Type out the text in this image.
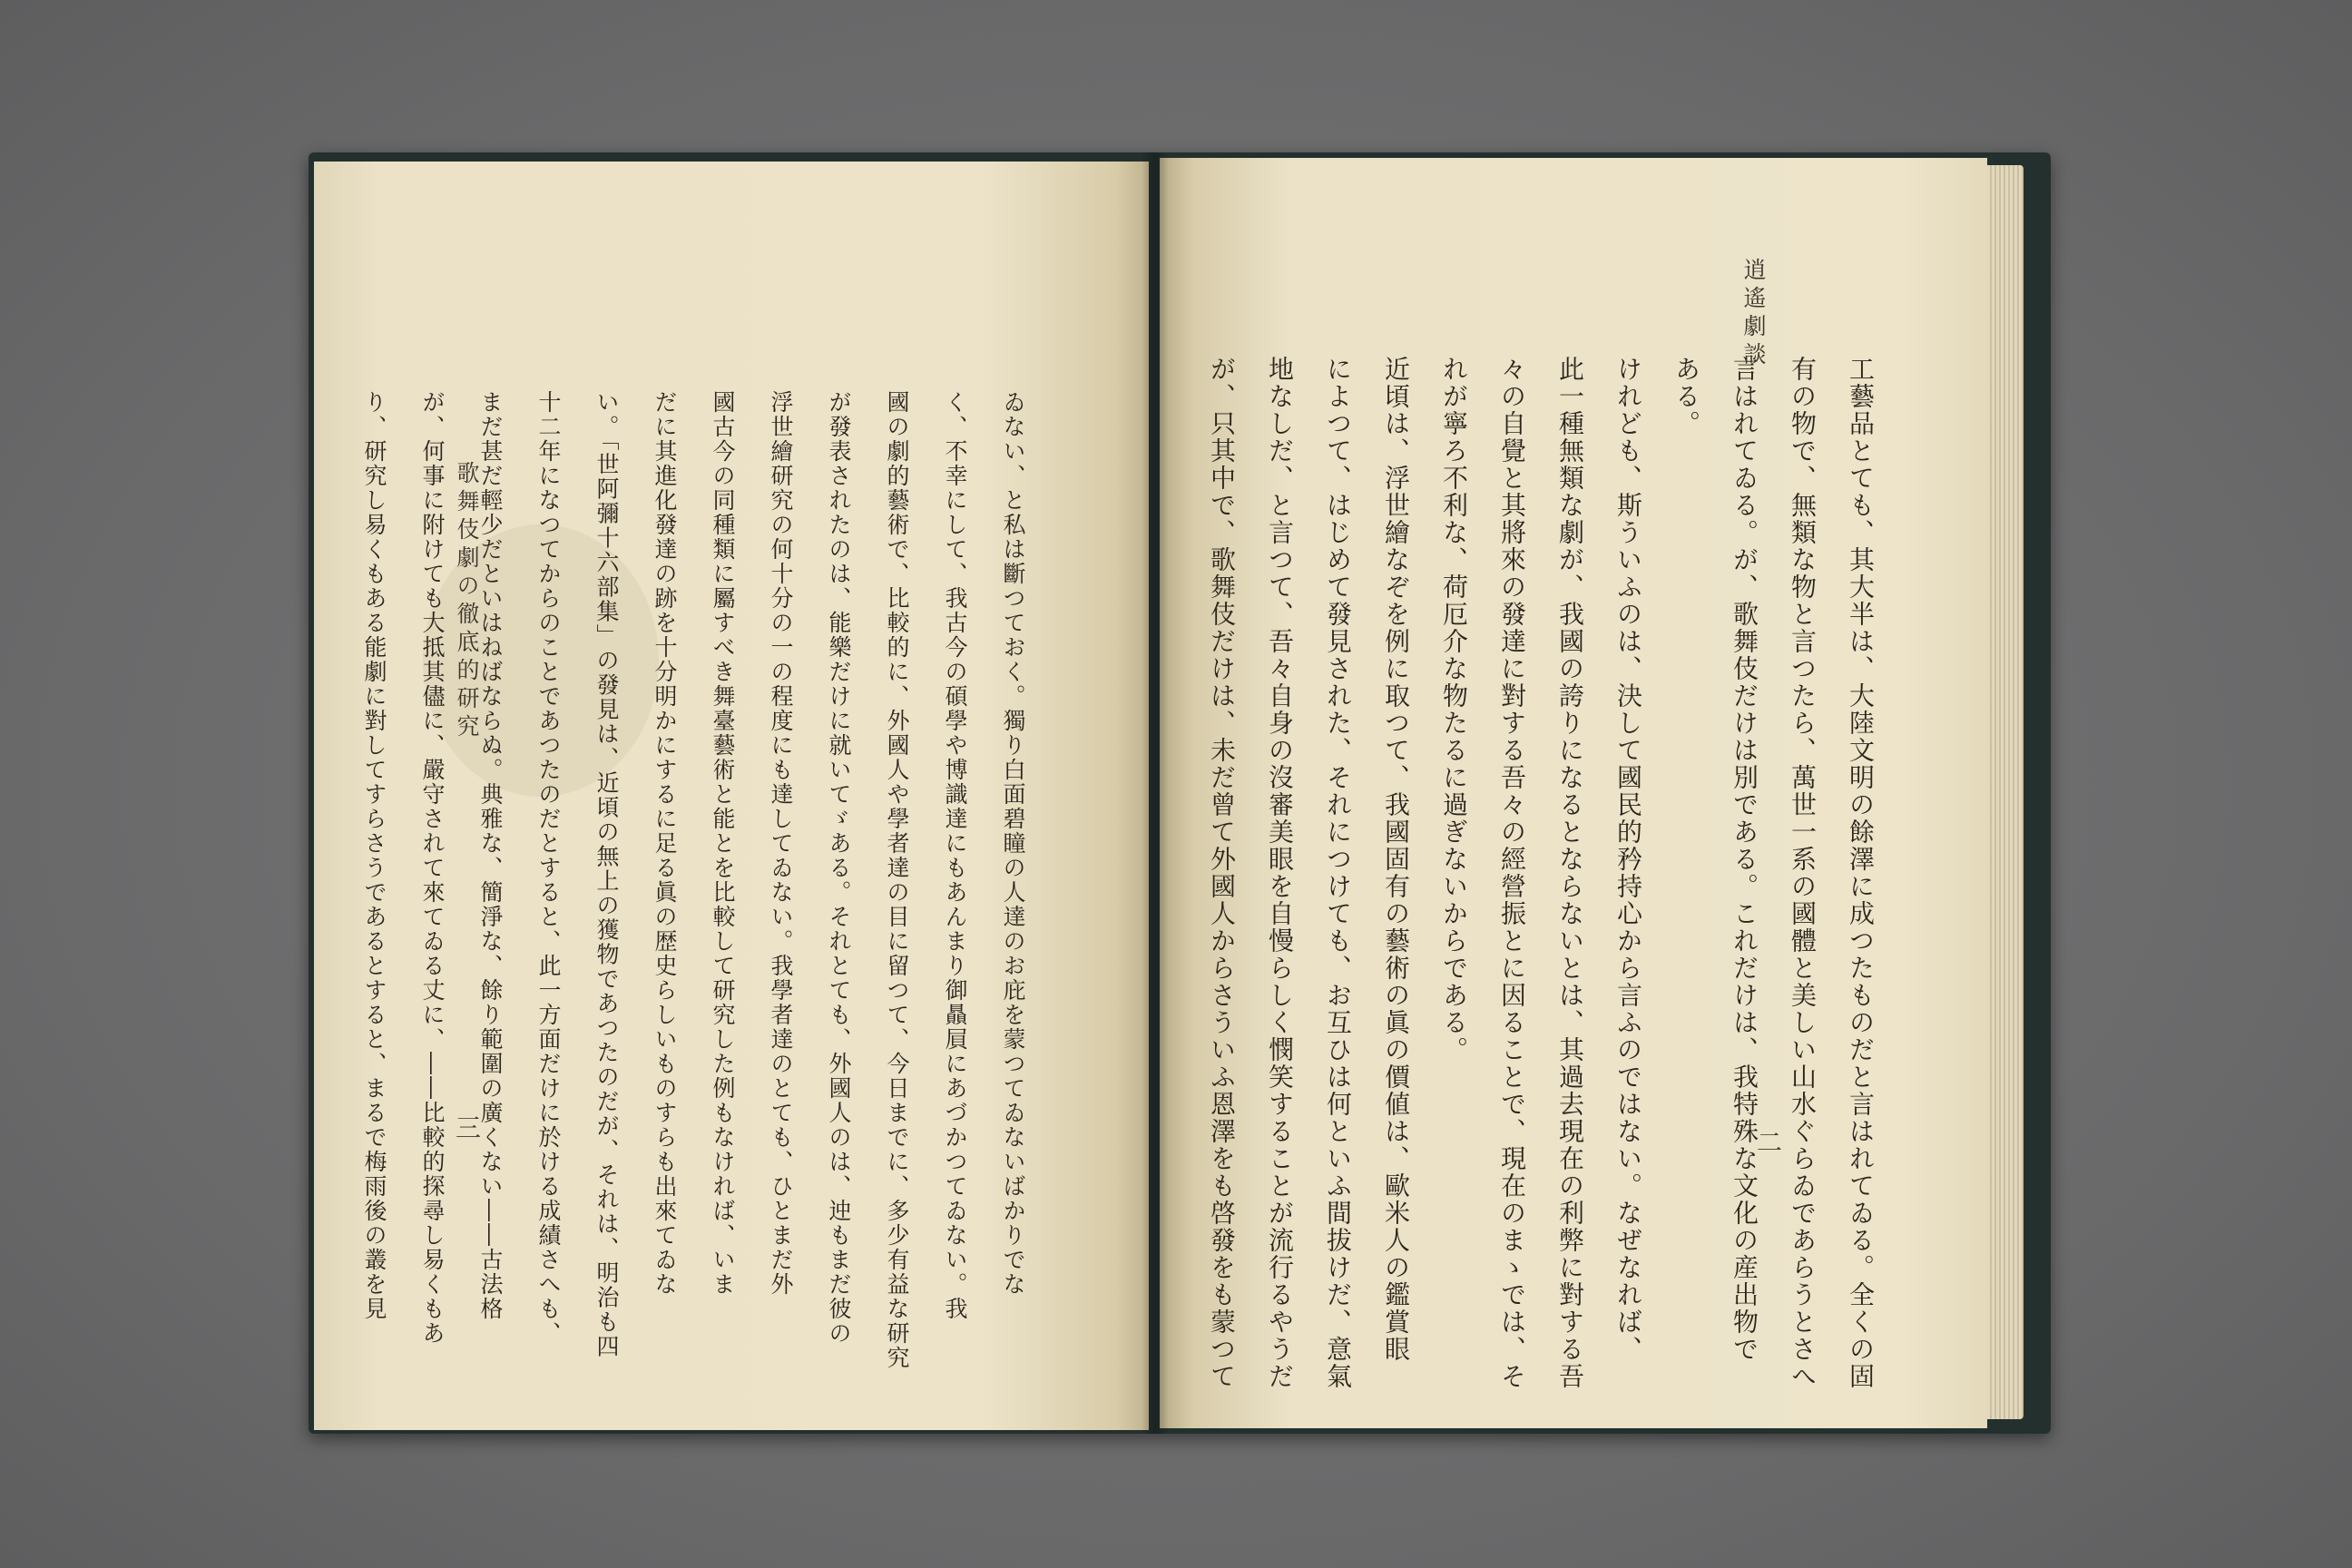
ゐない、と私は斷つておく。獨り白面碧瞳の人達のお庇を蒙つてゐないばかりでな
く、不幸にして、我古今の碩學や博識達にもあんまり御贔屓にあづかつてゐない。我
國の劇的藝術で、比較的に、外國人や學者達の目に留つて、今日までに、多少有益な研究
が發表されたのは、能樂だけに就いてゞある。それとても、外國人のは、迚もまだ彼の
浮世繪研究の何十分の一の程度にも達してゐない。我學者達のとても、ひとまだ外
國古今の同種類に屬すべき舞臺藝術と能とを比較して研究した例もなければ、いま
だに其進化發達の跡を十分明かにするに足る眞の歴史らしいものすらも出來てゐな
い。「世阿彌十六部集」の發見は、近頃の無上の獲物であつたのだが、それは、明治も四
十二年になつてからのことであつたのだとすると、此一方面だけに於ける成績さへも、
まだ甚だ輕少だといはねばならぬ。典雅な、簡淨な、餘り範圍の廣くない――古法格
が、何事に附けても大抵其儘に、嚴守されて來てゐる丈に、――比較的探尋し易くもあ
り、研究し易くもある能劇に對してすらさうであるとすると、まるで梅雨後の叢を見	歌舞伎劇の徹底的研究
三	工藝品とても、其大半は、大陸文明の餘澤に成つたものだと言はれてゐる。全くの固
有の物で、無類な物と言つたら、萬世一系の國體と美しい山水ぐらゐであらうとさへ
言はれてゐる。が、歌舞伎だけは別である。これだけは、我特殊な文化の産出物で
ある。
けれども、斯ういふのは、決して國民的矜持心から言ふのではない。なぜなれば、
此一種無類な劇が、我國の誇りになるとならないとは、其過去現在の利弊に對する吾
々の自覺と其將來の發達に對する吾々の經營振とに因ることで、現在のまゝでは、そ
れが寧ろ不利な、荷厄介な物たるに過ぎないからである。
近頃は、浮世繪なぞを例に取つて、我國固有の藝術の眞の價値は、歐米人の鑑賞眼
によつて、はじめて發見された、それにつけても、お互ひは何といふ間拔けだ、意氣
地なしだ、と言つて、吾々自身の沒審美眼を自慢らしく憫笑することが流行るやうだ
が、只其中で、歌舞伎だけは、未だ曾て外國人からさういふ恩澤をも啓發をも蒙つて
逍遙劇談
二
